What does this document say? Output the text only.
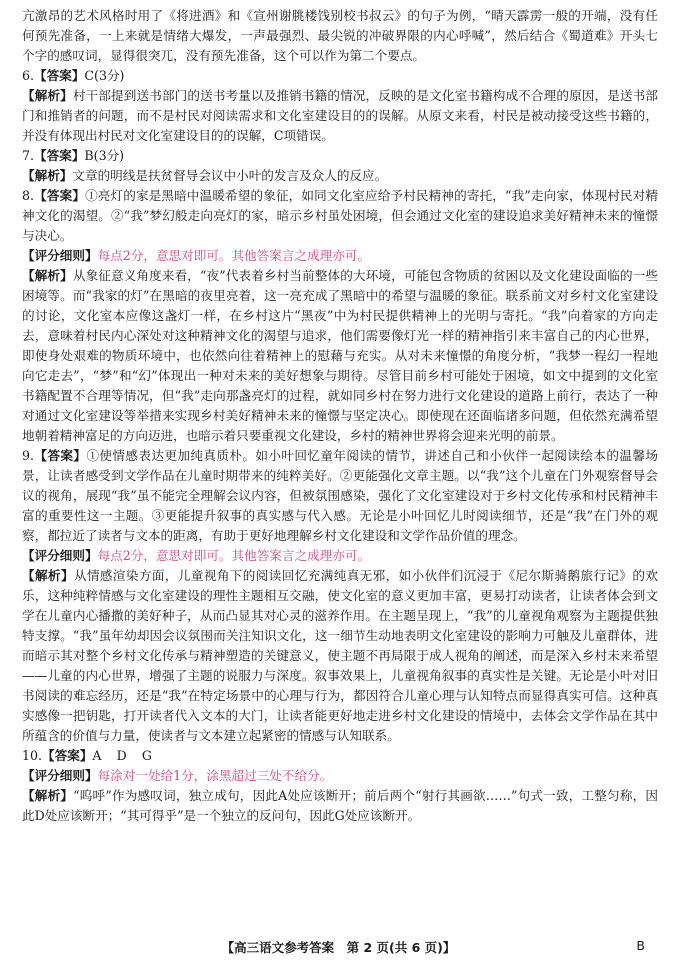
亢激昂的艺术风格时用了《将进酒》和《宣州谢朓楼饯别校书叔云》的句子为例，“晴天霹雳一般的开端，没有任何预先准备，一上来就是情绪大爆发，一声最强烈、最尖锐的冲破界限的内心呼喊”，然后结合《蜀道难》开头七个字的感叹词，显得很突兀，没有预先准备，这个可以作为第二个要点。

6.【答案】C(3分)

【解析】村干部提到送书部门的送书考量以及推销书籍的情况，反映的是文化室书籍构成不合理的原因，是送书部门和推销者的问题，而不是村民对阅读需求和文化室建设目的的误解。从原文来看，村民是被动接受这些书籍的，并没有体现出村民对文化室建设目的的误解，C项错误。

7.【答案】B(3分)

【解析】文章的明线是扶贫督导会议中小叶的发言及众人的反应。

8.【答案】①亮灯的家是黑暗中温暖希望的象征，如同文化室应给予村民精神的寄托，“我”走向家，体现村民对精神文化的渴望。②“我”梦幻般走向亮灯的家，暗示乡村虽处困境，但会通过文化室的建设追求美好精神未来的憧憬与决心。

【评分细则】每点2分，意思对即可。其他答案言之成理亦可。

【解析】从象征意义角度来看，“夜”代表着乡村当前整体的大环境，可能包含物质的贫困以及文化建设面临的一些困境等。而“我家的灯”在黑暗的夜里亮着，这一亮充成了黑暗中的希望与温暖的象征。联系前文对乡村文化室建设的讨论，文化室本应像这盏灯一样，在乡村这片“黑夜”中为村民提供精神上的光明与寄托。“我”向着家的方向走去，意味着村民内心深处对这种精神文化的渴望与追求，他们需要像灯光一样的精神指引来丰富自己的内心世界，即使身处艰难的物质环境中，也依然向往着精神上的慰藉与充实。从对未来憧憬的角度分析，“我梦一程幻一程地向它走去”，“梦”和“幻”体现出一种对未来的美好想象与期待。尽管目前乡村可能处于困境，如文中提到的文化室书籍配置不合理等情况，但“我”走向那盏亮灯的过程，就如同乡村在努力进行文化建设的道路上前行，表达了一种对通过文化室建设等举措来实现乡村美好精神未来的憧憬与坚定决心。即使现在还面临诸多问题，但依然充满希望地朝着精神富足的方向迈进，也暗示着只要重视文化建设，乡村的精神世界将会迎来光明的前景。

9.【答案】①使情感表达更加纯真质朴。如小叶回忆童年阅读的情节，讲述自己和小伙伴一起阅读绘本的温馨场景，让读者感受到文学作品在儿童时期带来的纯粹美好。②更能强化文章主题。以“我”这个儿童在门外观察督导会议的视角，展现“我”虽不能完全理解会议内容，但被氛围感染，强化了文化室建设对于乡村文化传承和村民精神丰富的重要性这一主题。③更能提升叙事的真实感与代入感。无论是小叶回忆儿时阅读细节，还是“我”在门外的观察，都拉近了读者与文本的距离，有助于更好地理解乡村文化建设和文学作品价值的理念。

【评分细则】每点2分，意思对即可。其他答案言之成理亦可。

【解析】从情感渲染方面，儿童视角下的阅读回忆充满纯真无邪，如小伙伴们沉浸于《尼尔斯骑鹅旅行记》的欢乐，这种纯粹情感与文化室建设的理性主题相互交融，使文化室的意义更加丰富，更易打动读者，让读者体会到文学在儿童内心播撒的美好种子，从而凸显其对心灵的滋养作用。在主题呈现上，“我”的儿童视角观察为主题提供独特支撑。“我”虽年幼却因会议氛围而关注知识文化，这一细节生动地表明文化室建设的影响力可触及儿童群体，进而暗示其对整个乡村文化传承与精神塑造的关键意义，使主题不再局限于成人视角的阐述，而是深入乡村未来希望——儿童的内心世界，增强了主题的说服力与深度。叙事效果上，儿童视角叙事的真实性是关键。无论是小叶对旧书阅读的难忘经历，还是“我”在特定场景中的心理与行为，都因符合儿童心理与认知特点而显得真实可信。这种真实感像一把钥匙，打开读者代入文本的大门，让读者能更好地走进乡村文化建设的情境中，去体会文学作品在其中所蕴含的价值与力量，使读者与文本建立起紧密的情感与认知联系。

10.【答案】A D G

【评分细则】每涂对一处给1分，涂黑超过三处不给分。

【解析】“呜呼”作为感叹词，独立成句，因此A处应该断开；前后两个“射行其画欲……”句式一致，工整匀称，因此D处应该断开；“其可得乎”是一个独立的反问句，因此G处应该断开。

【高三语文参考答案　第 2 页(共 6 页)】	B
